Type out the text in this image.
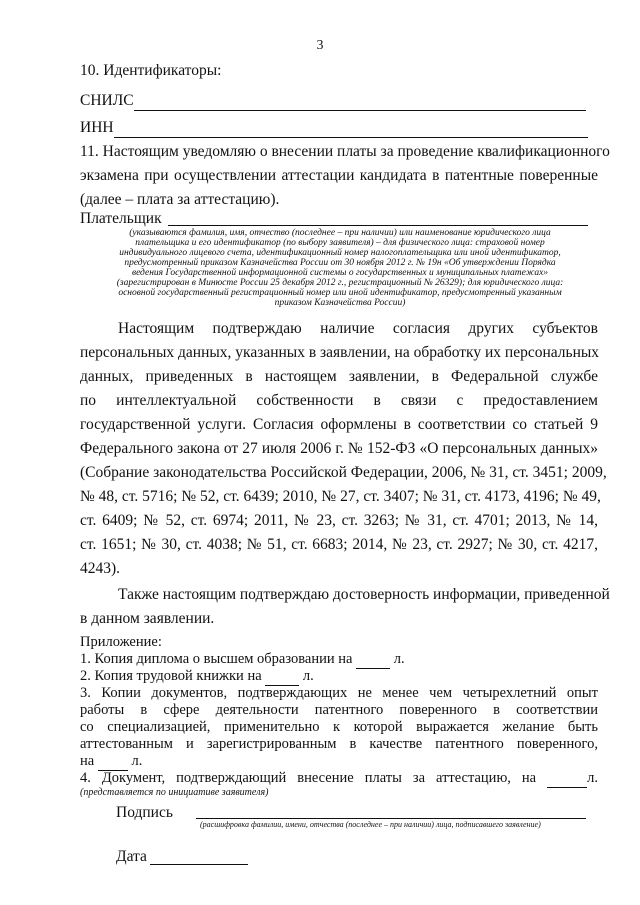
3
10. Идентификаторы:
СНИЛС
ИНН
11. Настоящим уведомляю о внесении платы за проведение квалификационного
экзамена при осуществлении аттестации кандидата в патентные поверенные
(далее – плата за аттестацию).
Плательщик
(указываются фамилия, имя, отчество (последнее – при наличии) или наименование юридического лица
плательщика и его идентификатор (по выбору заявителя) – для физического лица: страховой номер
индивидуального лицевого счета, идентификационный номер налогоплательщика или иной идентификатор,
предусмотренный приказом Казначейства России от 30 ноября 2012 г. № 19н «Об утверждении Порядка
ведения Государственной информационной системы о государственных и муниципальных платежах»
(зарегистрирован в Минюсте России 25 декабря 2012 г., регистрационный № 26329); для юридического лица:
основной государственный регистрационный номер или иной идентификатор, предусмотренный указанным
приказом Казначейства России)
Настоящим подтверждаю наличие согласия других субъектов
персональных данных, указанных в заявлении, на обработку их персональных
данных, приведенных в настоящем заявлении, в Федеральной службе
по интеллектуальной собственности в связи с предоставлением
государственной услуги. Согласия оформлены в соответствии со статьей 9
Федерального закона от 27 июля 2006 г. № 152-ФЗ «О персональных данных»
(Собрание законодательства Российской Федерации, 2006, № 31, ст. 3451; 2009,
№ 48, ст. 5716; № 52, ст. 6439; 2010, № 27, ст. 3407; № 31, ст. 4173, 4196; № 49,
ст. 6409; № 52, ст. 6974; 2011, № 23, ст. 3263; № 31, ст. 4701; 2013, № 14,
ст. 1651; № 30, ст. 4038; № 51, ст. 6683; 2014, № 23, ст. 2927; № 30, ст. 4217,
4243).
Также настоящим подтверждаю достоверность информации, приведенной
в данном заявлении.
Приложение:
1. Копия диплома о высшем образовании на	л.
2. Копия трудовой книжки на	л.
3. Копии документов, подтверждающих не менее чем четырехлетний опыт
работы в сфере деятельности патентного поверенного в соответствии
со специализацией, применительно к которой выражается желание быть
аттестованным и зарегистрированным в качестве патентного поверенного,
на	л.
4. Документ, подтверждающий внесение платы за аттестацию, на	л.
(представляется по инициативе заявителя)
Подпись
(расшифровка фамилии, имени, отчества (последнее – при наличии) лица, подписавшего заявление)
Дата
